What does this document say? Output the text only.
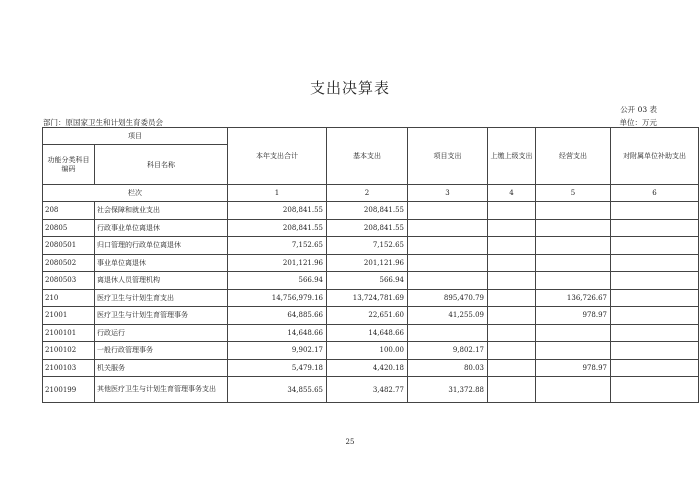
支出决算表
公开 03 表
部门：原国家卫生和计划生育委员会	单位：万元
项目		本年支出合计	基本支出	项目支出	上缴上级支出	经营支出	对附属单位补助支出
功能分类科目编码	科目名称						
栏次		1	2	3	4	5	6
208	社会保障和就业支出	208,841.55	208,841.55				
20805	行政事业单位离退休	208,841.55	208,841.55				
2080501	归口管理的行政单位离退休	7,152.65	7,152.65				
2080502	事业单位离退休	201,121.96	201,121.96				
2080503	离退休人员管理机构	566.94	566.94				
210	医疗卫生与计划生育支出	14,756,979.16	13,724,781.69	895,470.79		136,726.67	
21001	医疗卫生与计划生育管理事务	64,885.66	22,651.60	41,255.09		978.97	
2100101	行政运行	14,648.66	14,648.66				
2100102	一般行政管理事务	9,902.17	100.00	9,802.17			
2100103	机关服务	5,479.18	4,420.18	80.03		978.97	
2100199	其他医疗卫生与计划生育管理事务支出	34,855.65	3,482.77	31,372.88			
25
